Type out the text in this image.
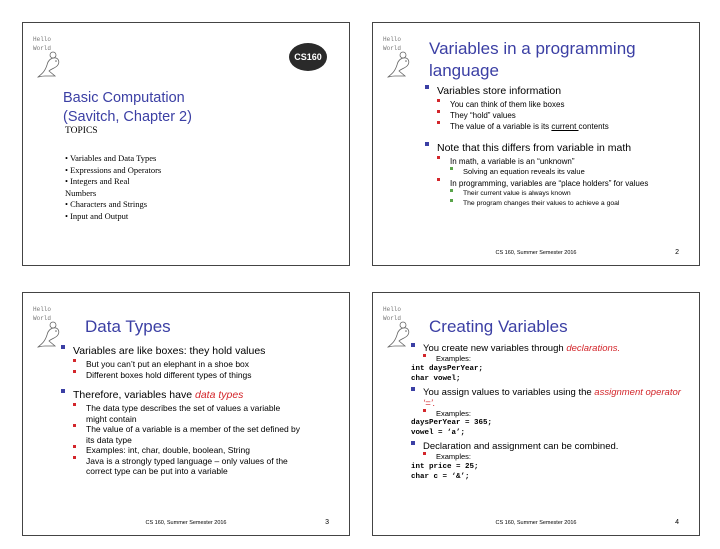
Hello
World
CS160
Basic Computation
(Savitch, Chapter 2)
TOPICS
• Variables and Data Types
• Expressions and Operators
• Integers and Real
Numbers
• Characters and Strings
• Input and Output
Hello
World	Variables in a programming
language
Variables store information
You can think of them like boxes
They “hold” values
The value of a variable is its current contents
Note that this differs from variable in math
In math, a variable is an “unknown”
Solving an equation reveals its value
In programming, variables are “place holders” for values
Their current value is always known
The program changes their values to achieve a goal
CS 160, Summer Semester 2016	2
Hello
World	Data Types
Variables are like boxes: they hold values
But you can’t put an elephant in a shoe box
Different boxes hold different types of things
Therefore, variables have data types
The data type describes the set of values a variable might contain
The value of a variable is a member of the set defined by its data type
Examples: int, char, double, boolean, String
Java is a strongly typed language – only values of the correct type can be put into a variable
CS 160, Summer Semester 2016	3
Hello
World	Creating Variables
You create new variables through declarations.
Examples:
int daysPerYear;
char vowel;
You assign values to variables using the assignment operator ‘=’.
Examples:
daysPerYear = 365;
vowel = ‘a’;
Declaration and assignment can be combined.
Examples:
int price = 25;
char c = ‘&’;
CS 160, Summer Semester 2016	4
